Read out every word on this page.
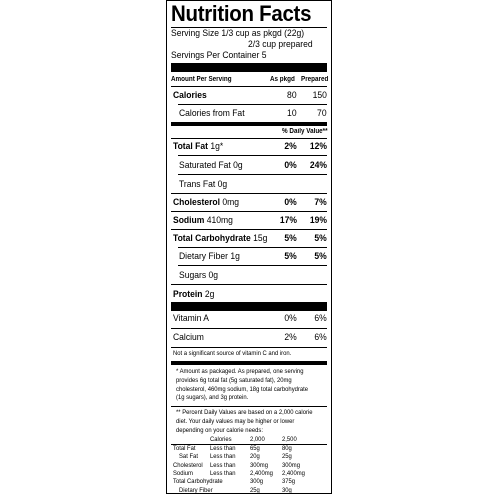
Nutrition Facts
Serving Size 1/3 cup as pkgd (22g)
2/3 cup prepared
Servings Per Container 5
Amount Per Serving	As pkgd Prepared
Calories	80 150
Calories from Fat	10 70
% Daily Value**
Total Fat 1g*	2% 12%
Saturated Fat 0g	0% 24%
Trans Fat 0g
Cholesterol 0mg	0% 7%
Sodium 410mg	17% 19%
Total Carbohydrate 15g 5% 5%
Dietary Fiber 1g	5% 5%
Sugars 0g
Protein 2g
Vitamin A	0% 6%
Calcium	2% 6%
Not a significant source of vitamin C and iron.
* Amount as packaged. As prepared, one serving
provides 6g total fat (5g saturated fat), 20mg
cholesterol, 460mg sodium, 18g total carbohydrate
(1g sugars), and 3g protein.
** Percent Daily Values are based on a 2,000 calorie
diet. Your daily values may be higher or lower
depending on your calorie needs:
Calories	2,000	2,500
Total Fat Less than 65g	80g
Sat Fat Less than 20g	25g
Cholesterol Less than 300mg 300mg
Sodium	Less than 2,400mg 2,400mg
Total Carbohydrate	300g	375g
Dietary Fiber	25g	30g
